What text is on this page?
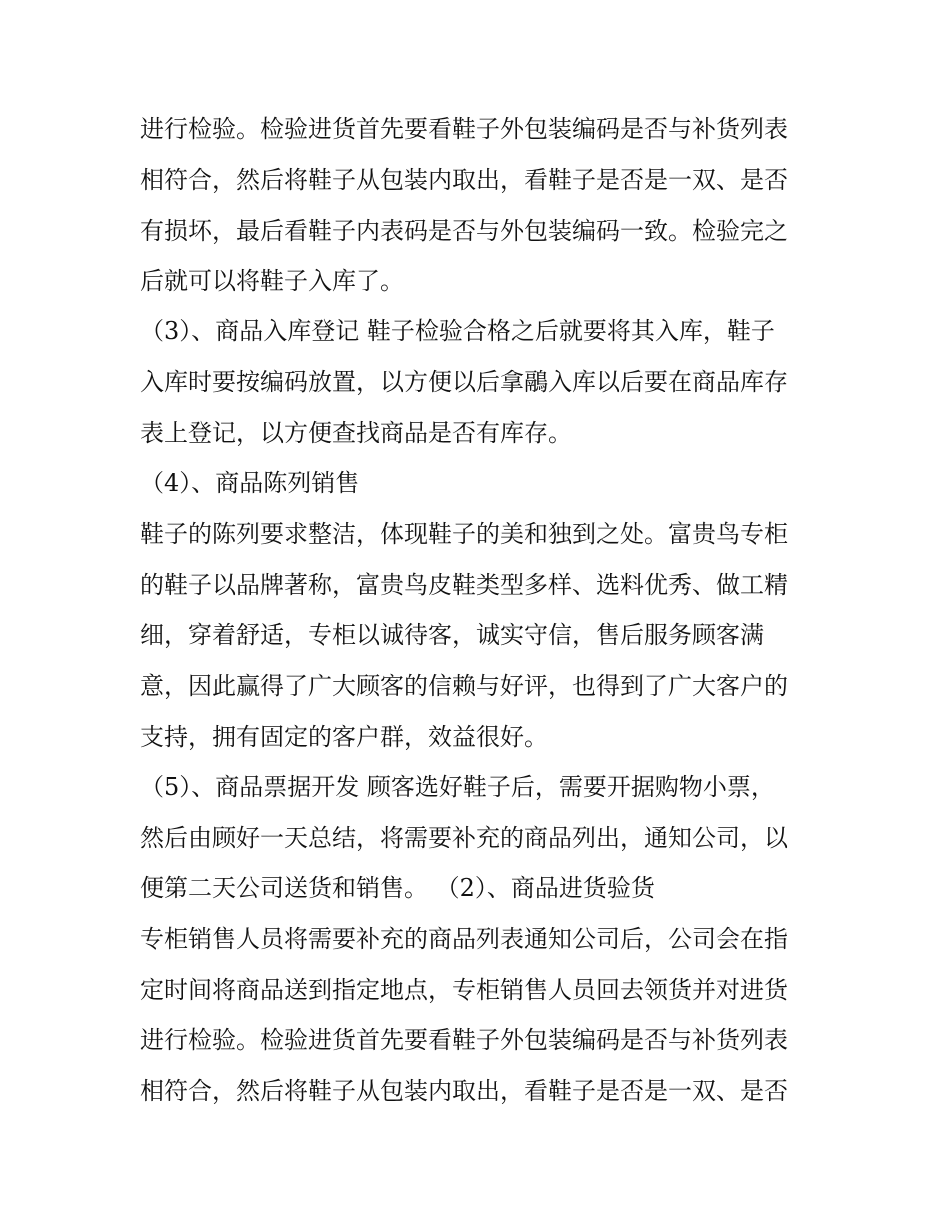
进行检验。检验进货首先要看鞋子外包装编码是否与补货列表
相符合，然后将鞋子从包装内取出，看鞋子是否是一双、是否
有损坏，最后看鞋子内表码是否与外包装编码一致。检验完之
后就可以将鞋子入库了。
（3）、商品入库登记 鞋子检验合格之后就要将其入库，鞋子
入库时要按编码放置，以方便以后拿鷊入库以后要在商品库存
表上登记，以方便查找商品是否有库存。
（4）、商品陈列销售
鞋子的陈列要求整洁，体现鞋子的美和独到之处。富贵鸟专柜
的鞋子以品牌著称，富贵鸟皮鞋类型多样、选料优秀、做工精
细，穿着舒适，专柜以诚待客，诚实守信，售后服务顾客满
意，因此赢得了广大顾客的信赖与好评，也得到了广大客户的
支持，拥有固定的客户群，效益很好。
（5）、商品票据开发 顾客选好鞋子后，需要开据购物小票，
然后由顾好一天总结，将需要补充的商品列出，通知公司，以
便第二天公司送货和销售。 （2）、商品进货验货
专柜销售人员将需要补充的商品列表通知公司后，公司会在指
定时间将商品送到指定地点，专柜销售人员回去领货并对进货
进行检验。检验进货首先要看鞋子外包装编码是否与补货列表
相符合，然后将鞋子从包装内取出，看鞋子是否是一双、是否
